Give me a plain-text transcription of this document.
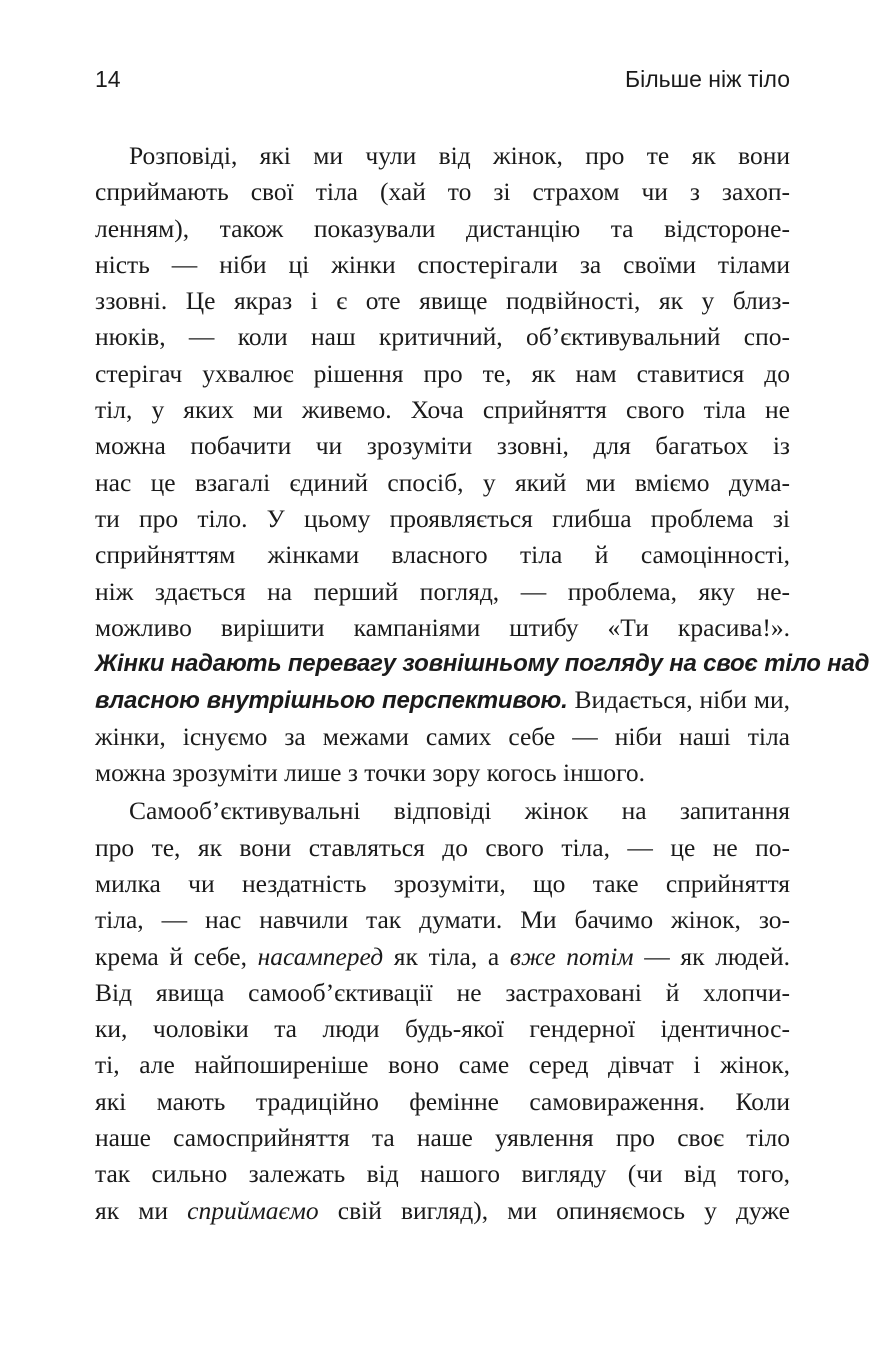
14	Більше ніж тіло
Розповіді, які ми чули від жінок, про те як вони
сприймають свої тіла (хай то зі страхом чи з захоп-
ленням), також показували дистанцію та відстороне-
ність — ніби ці жінки спостерігали за своїми тілами
ззовні. Це якраз і є оте явище подвійності, як у близ-
нюків, — коли наш критичний, об’єктивувальний спо-
стерігач ухвалює рішення про те, як нам ставитися до
тіл, у яких ми живемо. Хоча сприйняття свого тіла не
можна побачити чи зрозуміти ззовні, для багатьох із
нас це взагалі єдиний спосіб, у який ми вміємо дума-
ти про тіло. У цьому проявляється глибша проблема зі
сприйняттям жінками власного тіла й самоцінності,
ніж здається на перший погляд, — проблема, яку не-
можливо вирішити кампаніями штибу «Ти красива!».
Жінки надають перевагу зовнішньому погляду на своє тіло над
власною внутрішньою перспективою. Видається, ніби ми,
жінки, існуємо за межами самих себе — ніби наші тіла
можна зрозуміти лише з точки зору когось іншого.
Самооб’єктивувальні відповіді жінок на запитання
про те, як вони ставляться до свого тіла, — це не по-
милка чи нездатність зрозуміти, що таке сприйняття
тіла, — нас навчили так думати. Ми бачимо жінок, зо-
крема й себе, насамперед як тіла, а вже потім — як людей.
Від явища самооб’єктивації не застраховані й хлопчи-
ки, чоловіки та люди будь-якої гендерної ідентичнос-
ті, але найпоширеніше воно саме серед дівчат і жінок,
які мають традиційно фемінне самовираження. Коли
наше самосприйняття та наше уявлення про своє тіло
так сильно залежать від нашого вигляду (чи від того,
як ми сприймаємо свій вигляд), ми опиняємось у дуже
